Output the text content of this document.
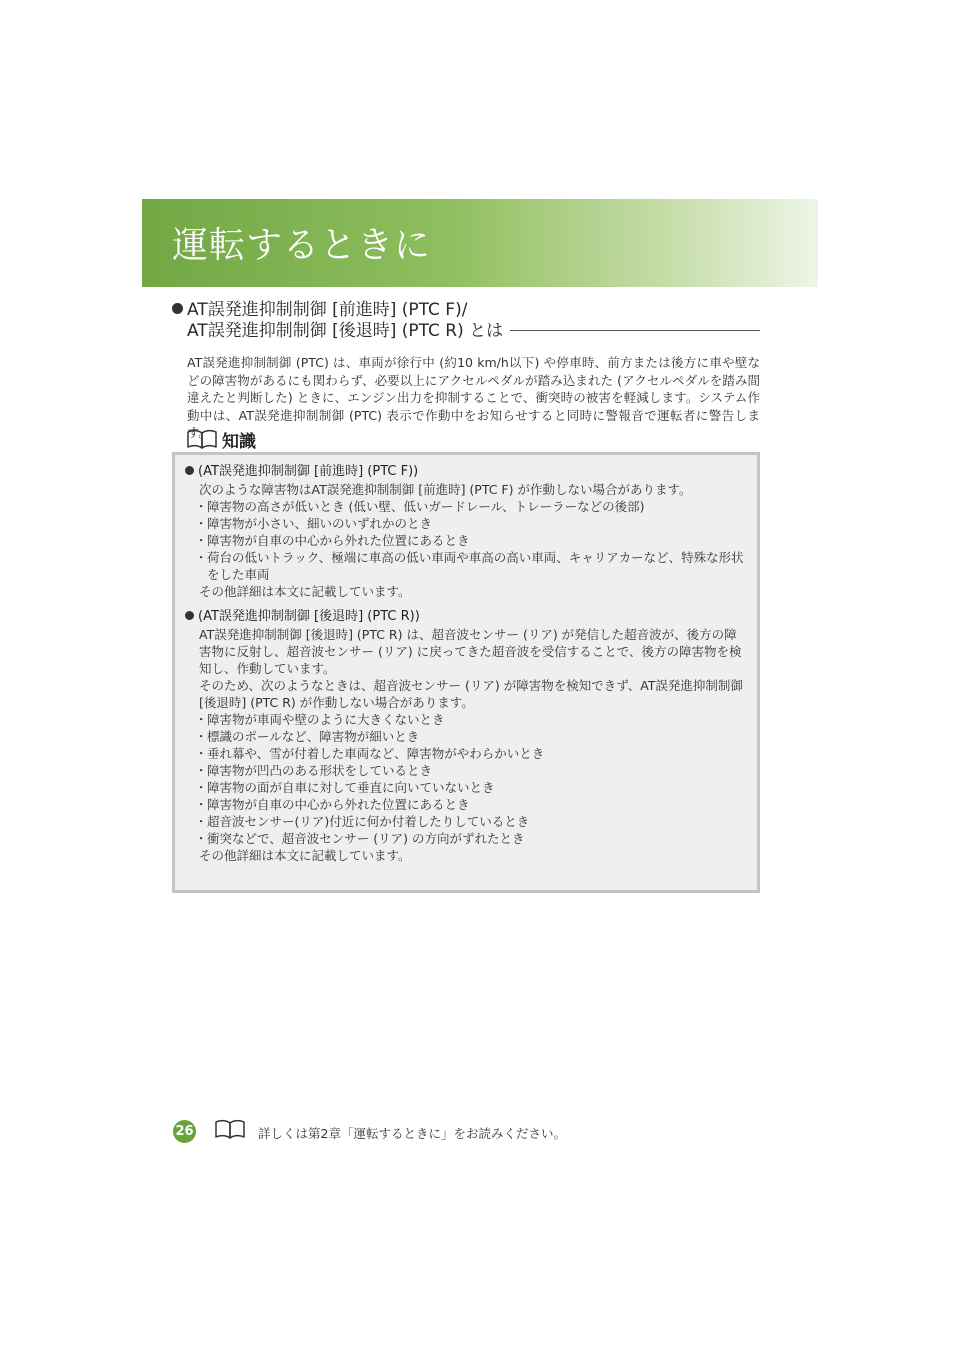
運転するときに
AT誤発進抑制制御 [前進時] (PTC F)/
AT誤発進抑制制御 [後退時] (PTC R) とは

AT誤発進抑制制御 (PTC) は、車両が徐行中 (約10 km/h以下) や停車時、前方または後方に車や壁などの障害物があるにも関わらず、必要以上にアクセルペダルが踏み込まれた (アクセルペダルを踏み間違えたと判断した) ときに、エンジン出力を抑制することで、衝突時の被害を軽減します。システム作動中は、AT誤発進抑制制御 (PTC) 表示で作動中をお知らせすると同時に警報音で運転者に警告します。 知識
(AT誤発進抑制制御 [前進時] (PTC F))

次のような障害物はAT誤発進抑制制御 [前進時] (PTC F) が作動しない場合があります。

･ 障害物の高さが低いとき (低い壁、低いガードレール、トレーラーなどの後部)
･ 障害物が小さい、細いのいずれかのとき
･ 障害物が自車の中心から外れた位置にあるとき
･ 荷台の低いトラック、極端に車高の低い車両や車高の高い車両、キャリアカーなど、特殊な形状をした車両

その他詳細は本文に記載しています。

(AT誤発進抑制制御 [後退時] (PTC R))

AT誤発進抑制制御 [後退時] (PTC R) は、超音波センサー (リア) が発信した超音波が、後方の障害物に反射し、超音波センサー (リア) に戻ってきた超音波を受信することで、後方の障害物を検知し、作動しています。

そのため、次のようなときは、超音波センサー (リア) が障害物を検知できず、AT誤発進抑制制御 [後退時] (PTC R) が作動しない場合があります。

･ 障害物が車両や壁のように大きくないとき
･ 標識のポールなど、障害物が細いとき
･ 垂れ幕や、雪が付着した車両など、障害物がやわらかいとき
･ 障害物が凹凸のある形状をしているとき
･ 障害物の面が自車に対して垂直に向いていないとき
･ 障害物が自車の中心から外れた位置にあるとき
･ 超音波センサー(リア)付近に何か付着したりしているとき
･ 衝突などで、超音波センサー (リア) の方向がずれたとき

その他詳細は本文に記載しています。

26	詳しくは第2章「運転するときに」をお読みください。
